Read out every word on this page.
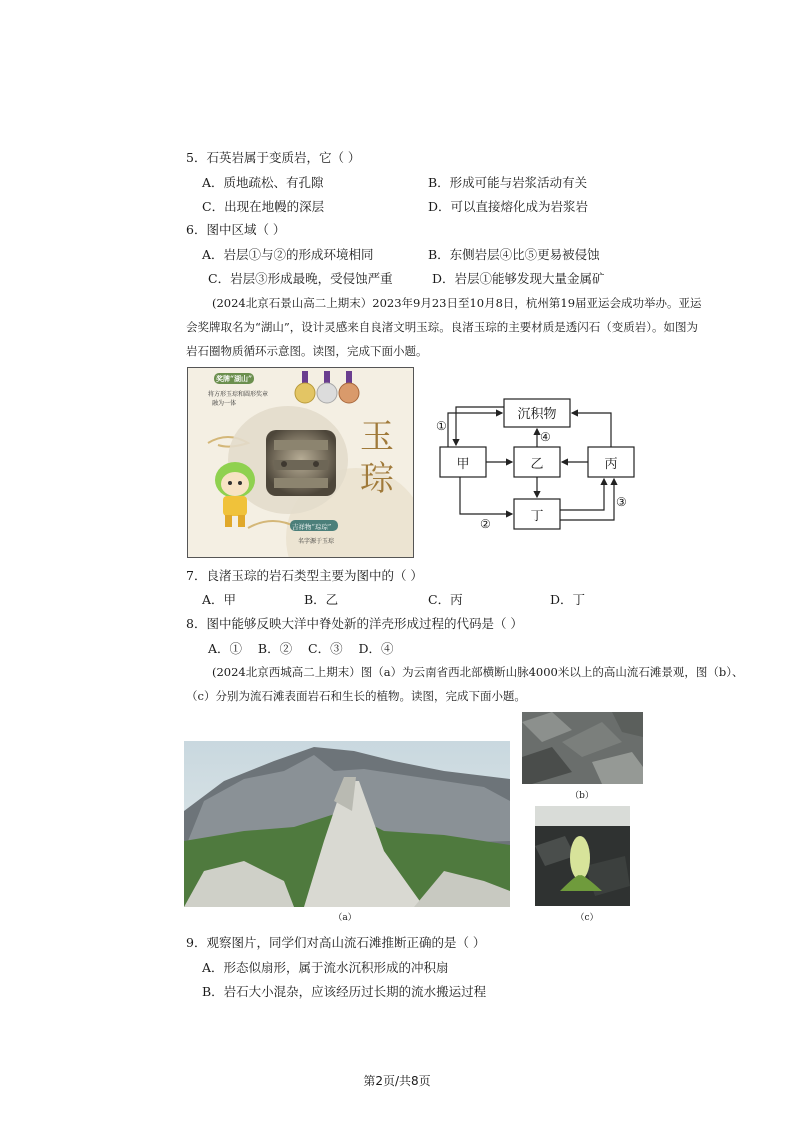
5．石英岩属于变质岩，它（ ）
A．质地疏松、有孔隙	B．形成可能与岩浆活动有关
C．出现在地幔的深层	D．可以直接熔化成为岩浆岩
6．图中区域（ ）
A．岩层①与②的形成环境相同	B．东侧岩层④比⑤更易被侵蚀
C．岩层③形成最晚，受侵蚀严重	D．岩层①能够发现大量金属矿
(2024北京石景山高二上期末）2023年9月23日至10月8日，杭州第19届亚运会成功举办。亚运
会奖牌取名为“湖山”，设计灵感来自良渚文明玉琮。良渚玉琮的主要材质是透闪石（变质岩）。如图为
岩石圈物质循环示意图。读图，完成下面小题。
奖牌“湖山”
将方形玉琮和圆形奖章
融为一体
玉
琮
吉祥物“琮琮”
名字源于玉琮
沉积物
甲	乙	丙
丁
①
②
③
④
7．良渚玉琮的岩石类型主要为图中的（ ）
A．甲	B．乙	C．丙	D．丁
8．图中能够反映大洋中脊处新的洋壳形成过程的代码是（ ）
A．①    B．②    C．③    D．④
(2024北京西城高二上期末）图（a）为云南省西北部横断山脉4000米以上的高山流石滩景观，图（b）、
（c）分别为流石滩表面岩石和生长的植物。读图，完成下面小题。
（a）
（b）
（c）
9．观察图片，同学们对高山流石滩推断正确的是（ ）
A．形态似扇形，属于流水沉积形成的冲积扇
B．岩石大小混杂，应该经历过长期的流水搬运过程
第2页/共8页
